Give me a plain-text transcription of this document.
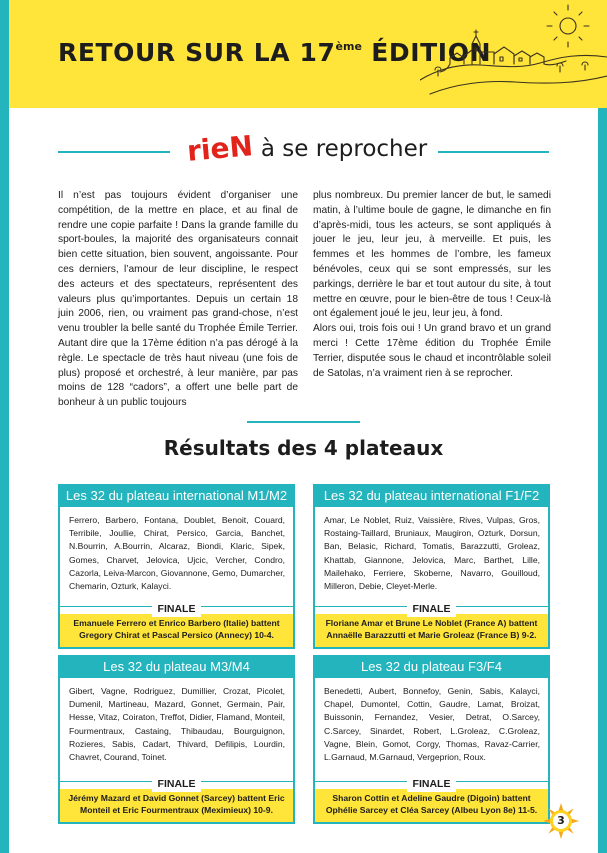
RETOUR SUR LA 17ème ÉDITION
rieN à se reprocher

Il n’est pas toujours évident d’organiser une compétition, de la mettre en place, et au final de rendre une copie parfaite ! Dans la grande famille du sport-boules, la majorité des organisateurs connait bien cette situation, bien souvent, angoissante. Pour ces derniers, l’amour de leur discipline, le respect des acteurs et des spectateurs, représentent des valeurs plus qu’importantes. Depuis un certain 18 juin 2006, rien, ou vraiment pas grand-chose, n’est venu troubler la belle santé du Trophée Émile Terrier. Autant dire que la 17ème édition n’a pas dérogé à la règle. Le spectacle de très haut niveau (une fois de plus) proposé et orchestré, à leur manière, par pas moins de 128 “cadors”, a offert une belle part de bonheur à un public toujours

plus nombreux. Du premier lancer de but, le samedi matin, à l’ultime boule de gagne, le dimanche en fin d’après-midi, tous les acteurs, se sont appliqués à jouer le jeu, leur jeu, à merveille. Et puis, les femmes et les hommes de l’ombre, les fameux bénévoles, ceux qui se sont empressés, sur les parkings, derrière le bar et tout autour du site, à tout mettre en œuvre, pour le bien-être de tous ! Ceux-là ont également joué le jeu, leur jeu, à fond.

Alors oui, trois fois oui ! Un grand bravo et un grand merci ! Cette 17ème édition du Trophée Émile Terrier, disputée sous le chaud et incontrôlable soleil de Satolas, n’a vraiment rien à se reprocher.

Résultats des 4 plateaux
Les 32 du plateau international M1/M2
Ferrero, Barbero, Fontana, Doublet, Benoit, Couard, Terribile, Joullie, Chirat, Persico, Garcia, Banchet, N.Bourrin, A.Bourrin, Alcaraz, Biondi, Klaric, Sipek, Gomes, Charvet, Jelovica, Ujcic, Vercher, Condro, Cazorla, Leiva-Marcon, Giovannone, Gemo, Dumarcher, Chemarin, Ozturk, Kalayci.
FINALE
Emanuele Ferrero et Enrico Barbero (Italie) battent Gregory Chirat et Pascal Persico (Annecy) 10-4.
Les 32 du plateau international F1/F2
Amar, Le Noblet, Ruiz, Vaissière, Rives, Vulpas, Gros, Rostaing-Taillard, Bruniaux, Maugiron, Ozturk, Dorsun, Ban, Belasic, Richard, Tomatis, Barazzutti, Groleaz, Khattab, Giannone, Jelovica, Marc, Barthet, Lille, Mailehako, Ferriere, Skoberne, Navarro, Gouilloud, Milleron, Debie, Cleyet-Merle.
FINALE
Floriane Amar et Brune Le Noblet (France A) battent Annaëlle Barazzutti et Marie Groleaz (France B) 9-2.
Les 32 du plateau M3/M4
Gibert, Vagne, Rodriguez, Dumillier, Crozat, Picolet, Dumenil, Martineau, Mazard, Gonnet, Germain, Pair, Hesse, Vitaz, Coiraton, Treffot, Didier, Flamand, Monteil, Fourmentraux, Castaing, Thibaudau, Bourguignon, Rozieres, Sabis, Cadart, Thivard, Defilipis, Lourdin, Chavret, Courand, Toinet.
FINALE
Jérémy Mazard et David Gonnet (Sarcey) battent Eric Monteil et Eric Fourmentraux (Meximieux) 10-9.
Les 32 du plateau F3/F4
Benedetti, Aubert, Bonnefoy, Genin, Sabis, Kalayci, Chapel, Dumontel, Cottin, Gaudre, Lamat, Broizat, Buissonin, Fernandez, Vesier, Detrat, O.Sarcey, C.Sarcey, Sinardet, Robert, L.Groleaz, C.Groleaz, Vagne, Blein, Gomot, Corgy, Thomas, Ravaz-Carrier, L.Garnaud, M.Garnaud, Vergeprion, Roux.
FINALE
Sharon Cottin et Adeline Gaudre (Digoin) battent Ophélie Sarcey et Cléa Sarcey (Albeu Lyon 8e) 11-5.
3
